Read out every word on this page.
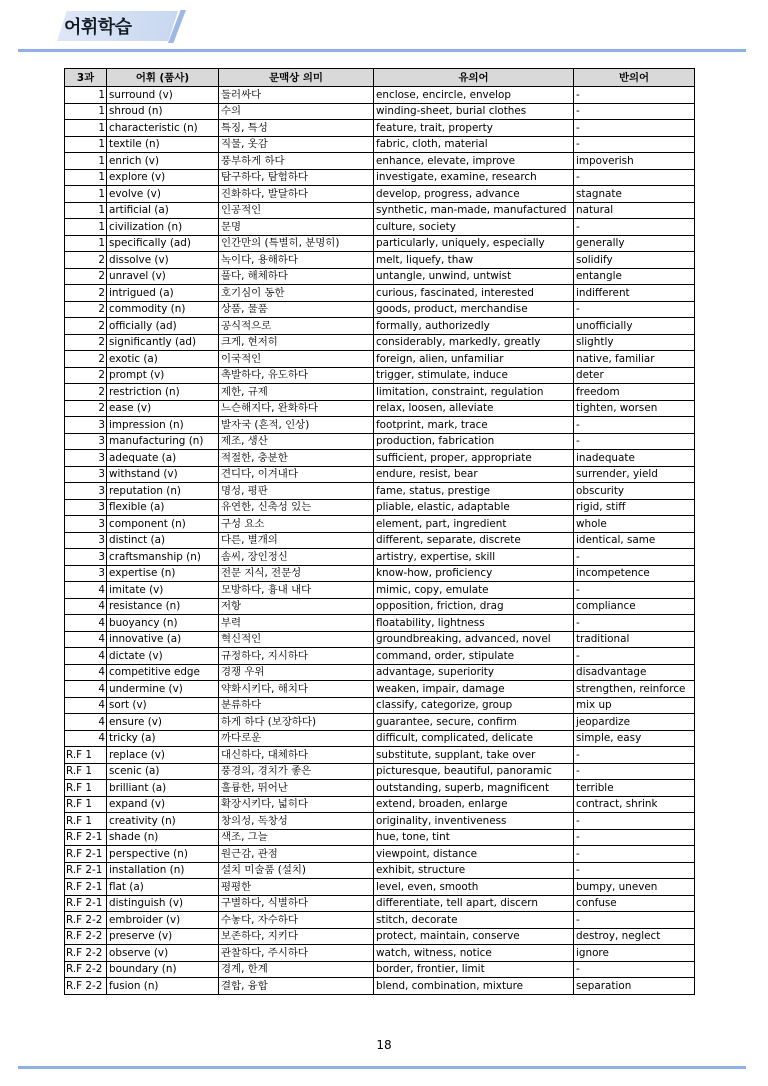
어휘학습
3과	어휘 (품사)	문맥상 의미	유의어	반의어
1	surround (v)	둘러싸다	enclose, encircle, envelop	-
1	shroud (n)	수의	winding-sheet, burial clothes	-
1	characteristic (n)	특징, 특성	feature, trait, property	-
1	textile (n)	직물, 옷감	fabric, cloth, material	-
1	enrich (v)	풍부하게 하다	enhance, elevate, improve	impoverish
1	explore (v)	탐구하다, 탐험하다	investigate, examine, research	-
1	evolve (v)	진화하다, 발달하다	develop, progress, advance	stagnate
1	artificial (a)	인공적인	synthetic, man-made, manufactured	natural
1	civilization (n)	문명	culture, society	-
1	specifically (ad)	인간만의 (특별히, 분명히)	particularly, uniquely, especially	generally
2	dissolve (v)	녹이다, 용해하다	melt, liquefy, thaw	solidify
2	unravel (v)	풀다, 해체하다	untangle, unwind, untwist	entangle
2	intrigued (a)	호기심이 동한	curious, fascinated, interested	indifferent
2	commodity (n)	상품, 물품	goods, product, merchandise	-
2	officially (ad)	공식적으로	formally, authorizedly	unofficially
2	significantly (ad)	크게, 현저히	considerably, markedly, greatly	slightly
2	exotic (a)	이국적인	foreign, alien, unfamiliar	native, familiar
2	prompt (v)	촉발하다, 유도하다	trigger, stimulate, induce	deter
2	restriction (n)	제한, 규제	limitation, constraint, regulation	freedom
2	ease (v)	느슨해지다, 완화하다	relax, loosen, alleviate	tighten, worsen
3	impression (n)	발자국 (흔적, 인상)	footprint, mark, trace	-
3	manufacturing (n)	제조, 생산	production, fabrication	-
3	adequate (a)	적절한, 충분한	sufficient, proper, appropriate	inadequate
3	withstand (v)	견디다, 이겨내다	endure, resist, bear	surrender, yield
3	reputation (n)	명성, 평판	fame, status, prestige	obscurity
3	flexible (a)	유연한, 신축성 있는	pliable, elastic, adaptable	rigid, stiff
3	component (n)	구성 요소	element, part, ingredient	whole
3	distinct (a)	다른, 별개의	different, separate, discrete	identical, same
3	craftsmanship (n)	솜씨, 장인정신	artistry, expertise, skill	-
3	expertise (n)	전문 지식, 전문성	know-how, proficiency	incompetence
4	imitate (v)	모방하다, 흉내 내다	mimic, copy, emulate	-
4	resistance (n)	저항	opposition, friction, drag	compliance
4	buoyancy (n)	부력	floatability, lightness	-
4	innovative (a)	혁신적인	groundbreaking, advanced, novel	traditional
4	dictate (v)	규정하다, 지시하다	command, order, stipulate	-
4	competitive edge	경쟁 우위	advantage, superiority	disadvantage
4	undermine (v)	약화시키다, 해치다	weaken, impair, damage	strengthen, reinforce
4	sort (v)	분류하다	classify, categorize, group	mix up
4	ensure (v)	하게 하다 (보장하다)	guarantee, secure, confirm	jeopardize
4	tricky (a)	까다로운	difficult, complicated, delicate	simple, easy
R.F 1	replace (v)	대신하다, 대체하다	substitute, supplant, take over	-
R.F 1	scenic (a)	풍경의, 경치가 좋은	picturesque, beautiful, panoramic	-
R.F 1	brilliant (a)	훌륭한, 뛰어난	outstanding, superb, magnificent	terrible
R.F 1	expand (v)	확장시키다, 넓히다	extend, broaden, enlarge	contract, shrink
R.F 1	creativity (n)	창의성, 독창성	originality, inventiveness	-
R.F 2-1	shade (n)	색조, 그늘	hue, tone, tint	-
R.F 2-1	perspective (n)	원근감, 관점	viewpoint, distance	-
R.F 2-1	installation (n)	설치 미술품 (설치)	exhibit, structure	-
R.F 2-1	flat (a)	평평한	level, even, smooth	bumpy, uneven
R.F 2-1	distinguish (v)	구별하다, 식별하다	differentiate, tell apart, discern	confuse
R.F 2-2	embroider (v)	수놓다, 자수하다	stitch, decorate	-
R.F 2-2	preserve (v)	보존하다, 지키다	protect, maintain, conserve	destroy, neglect
R.F 2-2	observe (v)	관찰하다, 주시하다	watch, witness, notice	ignore
R.F 2-2	boundary (n)	경계, 한계	border, frontier, limit	-
R.F 2-2	fusion (n)	결합, 융합	blend, combination, mixture	separation
18
